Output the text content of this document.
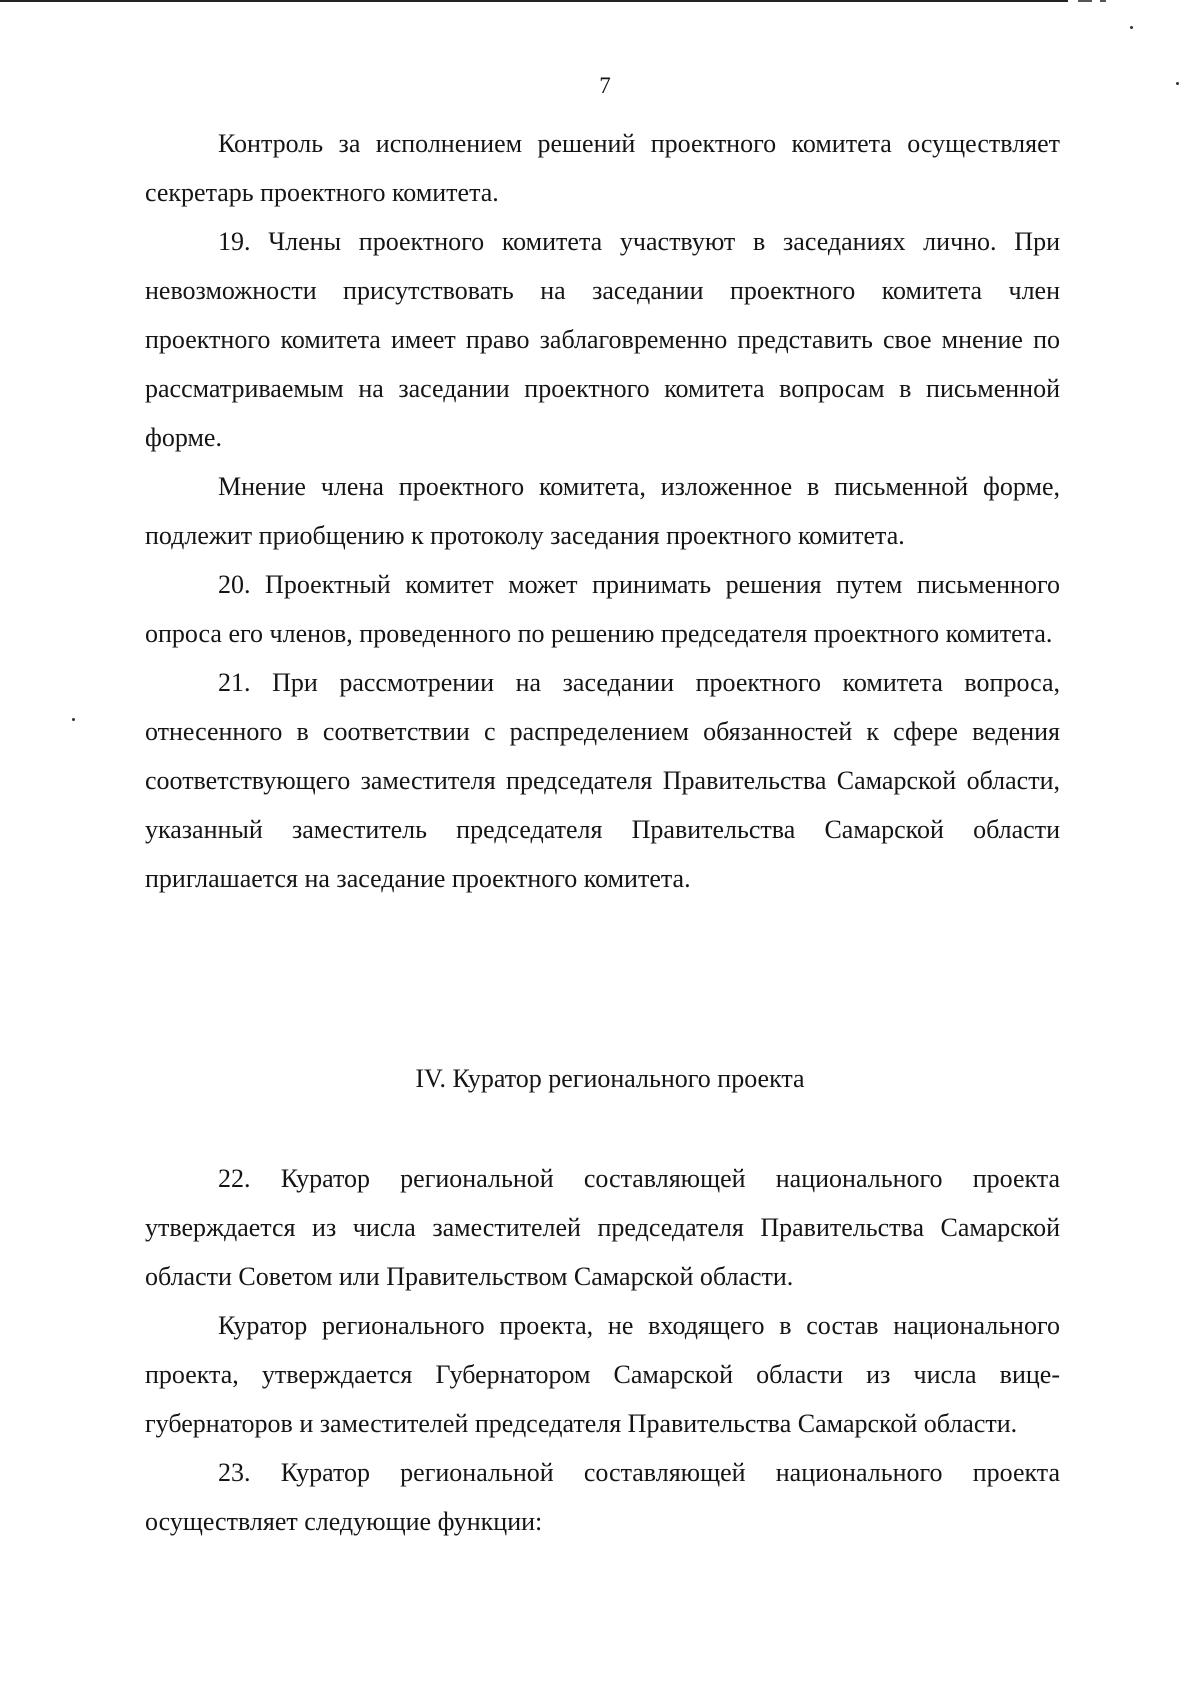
7

Контроль за исполнением решений проектного комитета осуществляет секретарь проектного комитета.

19. Члены проектного комитета участвуют в заседаниях лично. При невозможности присутствовать на заседании проектного комитета член проектного комитета имеет право заблаговременно представить свое мнение по рассматриваемым на заседании проектного комитета вопросам в письменной форме.

Мнение члена проектного комитета, изложенное в письменной форме, подлежит приобщению к протоколу заседания проектного комитета.

20. Проектный комитет может принимать решения путем письменного опроса его членов, проведенного по решению председателя проектного комитета.

21. При рассмотрении на заседании проектного комитета вопроса, отнесенного в соответствии с распределением обязанностей к сфере ведения соответствующего заместителя председателя Правительства Самарской области, указанный заместитель председателя Правительства Самарской области приглашается на заседание проектного комитета.

IV. Куратор регионального проекта

22. Куратор региональной составляющей национального проекта утверждается из числа заместителей председателя Правительства Самарской области Советом или Правительством Самарской области.

Куратор регионального проекта, не входящего в состав национального проекта, утверждается Губернатором Самарской области из числа вице-губернаторов и заместителей председателя Правительства Самарской области.

23. Куратор региональной составляющей национального проекта осуществляет следующие функции:
